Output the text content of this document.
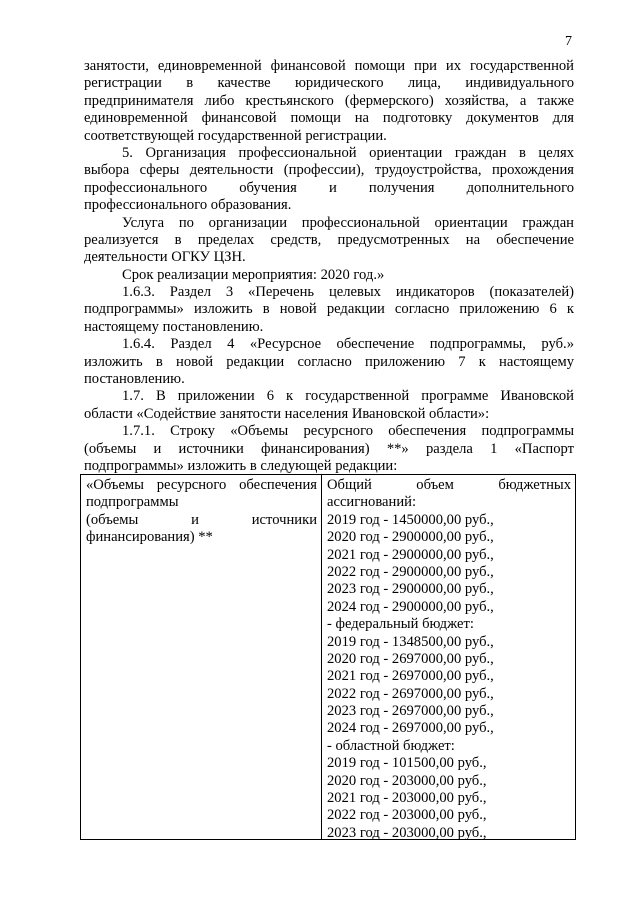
7
занятости, единовременной финансовой помощи при их государственной
регистрации в качестве юридического лица, индивидуального
предпринимателя либо крестьянского (фермерского) хозяйства, а также
единовременной финансовой помощи на подготовку документов для
соответствующей государственной регистрации.
5. Организация профессиональной ориентации граждан в целях
выбора сферы деятельности (профессии), трудоустройства, прохождения
профессионального обучения и получения дополнительного
профессионального образования.
Услуга по организации профессиональной ориентации граждан
реализуется в пределах средств, предусмотренных на обеспечение
деятельности ОГКУ ЦЗН.
Срок реализации мероприятия: 2020 год.»
1.6.3. Раздел 3 «Перечень целевых индикаторов (показателей)
подпрограммы» изложить в новой редакции согласно приложению 6 к
настоящему постановлению.
1.6.4. Раздел 4 «Ресурсное обеспечение подпрограммы, руб.»
изложить в новой редакции согласно приложению 7 к настоящему
постановлению.
1.7. В приложении 6 к государственной программе Ивановской
области «Содействие занятости населения Ивановской области»:
1.7.1. Строку «Объемы ресурсного обеспечения подпрограммы
(объемы и источники финансирования) **» раздела 1 «Паспорт
подпрограммы» изложить в следующей редакции:
«Объемы ресурсного обеспечения
подпрограммы
(объемы и источники
финансирования) **
Общий объем бюджетных
ассигнований:
2019 год - 1450000,00 руб.,
2020 год - 2900000,00 руб.,
2021 год - 2900000,00 руб.,
2022 год - 2900000,00 руб.,
2023 год - 2900000,00 руб.,
2024 год - 2900000,00 руб.,
- федеральный бюджет:
2019 год - 1348500,00 руб.,
2020 год - 2697000,00 руб.,
2021 год - 2697000,00 руб.,
2022 год - 2697000,00 руб.,
2023 год - 2697000,00 руб.,
2024 год - 2697000,00 руб.,
- областной бюджет:
2019 год - 101500,00 руб.,
2020 год - 203000,00 руб.,
2021 год - 203000,00 руб.,
2022 год - 203000,00 руб.,
2023 год - 203000,00 руб.,
